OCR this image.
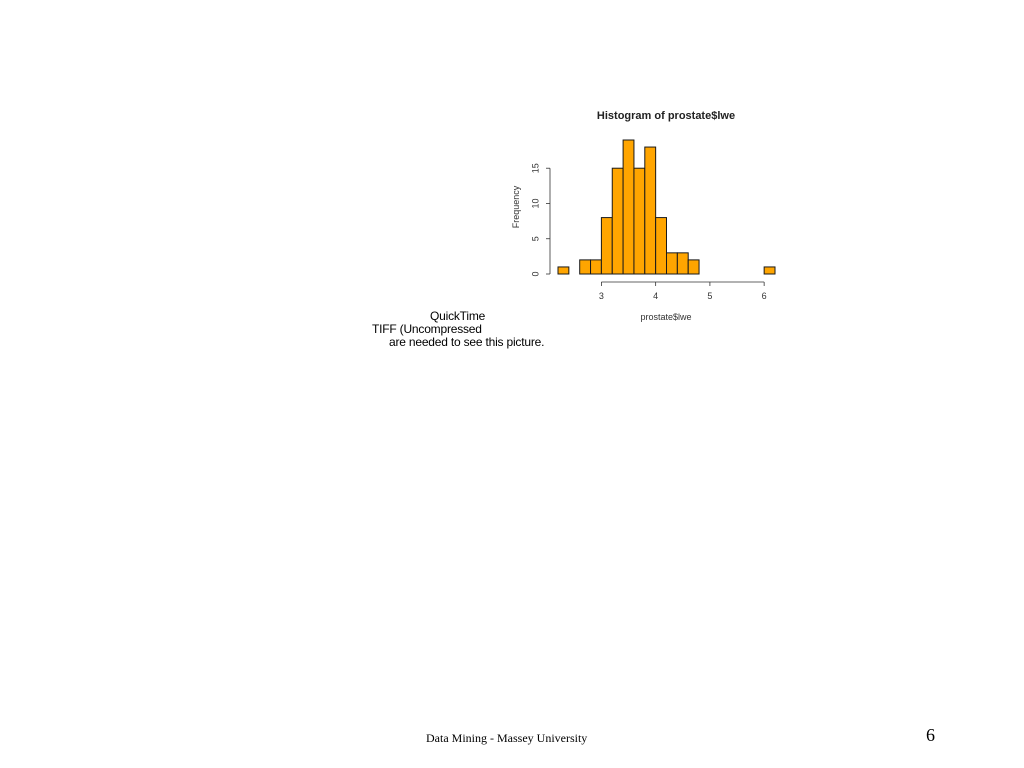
Histogram of prostate$lwe
Frequency
prostate$lwe
3	4	5	6
0
5
10
15
QuickTime
TIFF (Uncompressed
are needed to see this picture.
Data Mining - Massey University	6
